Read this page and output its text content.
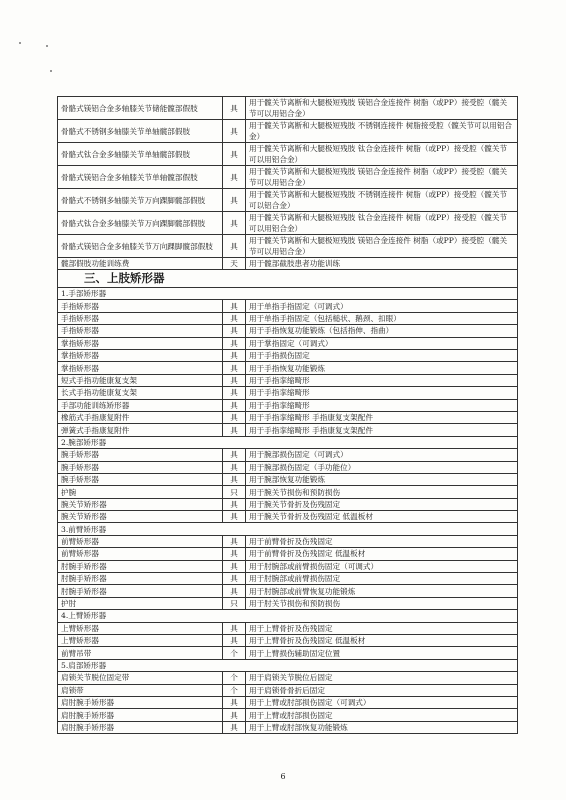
骨骼式镁铝合金多轴膝关节储能髋部假肢	具	用于髋关节离断和大腿极短残肢 镁铝合金连接件 树脂（或PP）接受腔（髋关节可以用铝合金）
骨骼式不锈钢多轴膝关节单轴髋部假肢	具	用于髋关节离断和大腿极短残肢 不锈钢连接件 树脂接受腔（髋关节可以用铝合金）
骨骼式钛合金多轴膝关节单轴髋部假肢	具	用于髋关节离断和大腿极短残肢 钛合金连接件 树脂（或PP）接受腔（髋关节可以用铝合金）
骨骼式镁铝合金多轴膝关节单轴髋部假肢	具	用于髋关节离断和大腿极短残肢 镁铝合金连接件 树脂（或PP）接受腔（髋关节可以用铝合金）
骨骼式不锈钢多轴膝关节万向踝脚髋部假肢	具	用于髋关节离断和大腿极短残肢 不锈钢连接件 树脂（或PP）接受腔（髋关节可以铝合金）
骨骼式钛合金多轴膝关节万向踝脚髋部假肢	具	用于髋关节离断和大腿极短残肢 钛合金连接件 树脂（或PP）接受腔（髋关节可以用铝合金）
骨骼式镁铝合金多轴膝关节万向踝脚髋部假肢	具	用于髋关节离断和大腿极短残肢 镁铝合金连接件 树脂（或PP）接受腔（髋关节可以用铝合金）
髋部假肢功能训练费	天	用于髋部截肢患者功能训练
三、上肢矫形器		
1.手部矫形器		
手指矫形器	具	用于单指手指固定（可调式）
手指矫形器	具	用于单指手指固定（包括槌状、鹅颈、扣眼）
手指矫形器	具	用于手指恢复功能锻炼（包括指伸、指曲）
掌指矫形器	具	用于掌指固定（可调式）
掌指矫形器	具	用于手指损伤固定
掌指矫形器	具	用于手指恢复功能锻炼
短式手指功能康复支架	具	用于手指挛缩畸形
长式手指功能康复支架	具	用于手指挛缩畸形
手部功能训练矫形器	具	用于手指挛缩畸形
橡筋式手指康复附件	具	用于手指挛缩畸形 手指康复支架配件
弹簧式手指康复附件	具	用于手指挛缩畸形 手指康复支架配件
2.腕部矫形器		
腕手矫形器	具	用于腕部损伤固定（可调式）
腕手矫形器	具	用于腕部损伤固定（手功能位）
腕手矫形器	具	用于腕部恢复功能锻炼
护腕	只	用于腕关节损伤和预防损伤
腕关节矫形器	具	用于腕关节骨折及伤残固定
腕关节矫形器	具	用于腕关节骨折及伤残固定 低温板材
3.前臂矫形器		
前臂矫形器	具	用于前臂骨折及伤残固定
前臂矫形器	具	用于前臂骨折及伤残固定 低温板材
肘腕手矫形器	具	用于肘腕部或前臂损伤固定（可调式）
肘腕手矫形器	具	用于肘腕部或前臂损伤固定
肘腕手矫形器	具	用于肘腕部或前臂恢复功能锻炼
护肘	只	用于肘关节损伤和预防损伤
4.上臂矫形器		
上臂矫形器	具	用于上臂骨折及伤残固定
上臂矫形器	具	用于上臂骨折及伤残固定 低温板材
前臂吊带	个	用于上臂损伤辅助固定位置
5.肩部矫形器		
肩锁关节脱位固定带	个	用于肩锁关节脱位后固定
肩锁带	个	用于肩锁骨骨折后固定
肩肘腕手矫形器	具	用于上臂或肘部损伤固定（可调式）
肩肘腕手矫形器	具	用于上臂或肘部损伤固定
肩肘腕手矫形器	具	用于上臂或肘部恢复功能锻炼
6
